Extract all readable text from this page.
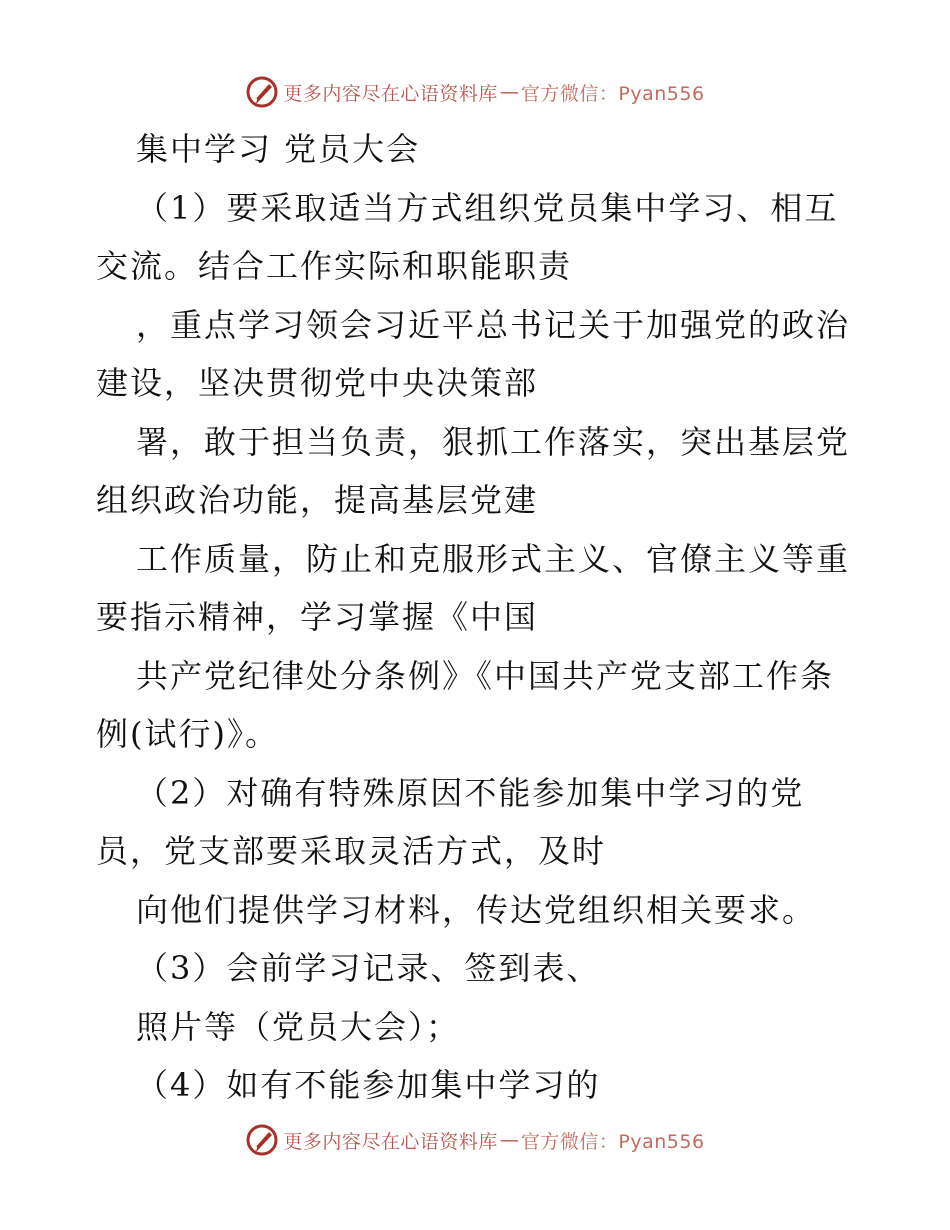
更多内容尽在心语资料库 — 官方微信：Pyan556
集中学习 党员大会
（1）要采取适当方式组织党员集中学习、相互
交流。结合工作实际和职能职责
，重点学习领会习近平总书记关于加强党的政治
建设，坚决贯彻党中央决策部
署，敢于担当负责，狠抓工作落实，突出基层党
组织政治功能，提高基层党建
工作质量，防止和克服形式主义、官僚主义等重
要指示精神，学习掌握《中国
共产党纪律处分条例》《中国共产党支部工作条
例(试行)》。
（2）对确有特殊原因不能参加集中学习的党
员，党支部要采取灵活方式，及时
向他们提供学习材料，传达党组织相关要求。
（3）会前学习记录、签到表、
照片等（党员大会）；
（4）如有不能参加集中学习的
更多内容尽在心语资料库 — 官方微信：Pyan556
